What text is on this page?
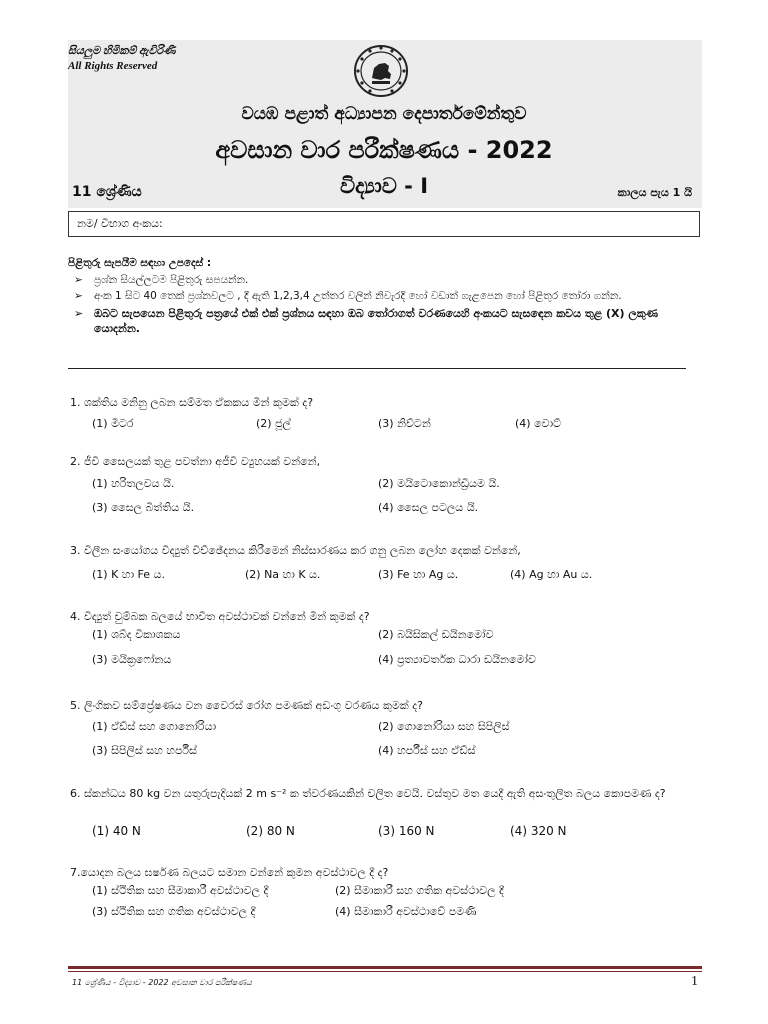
සියලුම හිමිකම් ඇවිරිණි
All Rights Reserved
වයඹ පළාත් අධ්‍යාපන දෙපාර්තමේන්තුව
අවසාන වාර පරීක්ෂණය - 2022
විද්‍යාව - I
11 ශ්‍රේණිය	කාලය පැය 1 යි
නම/ විභාග අංකය:
පිළිතුරු සැපයීම සඳහා උපදෙස් :
➢ ප්‍රශ්න සියල්ලටම පිළිතුරු සපයන්න.
➢ අංක 1 සිට 40 තෙක් ප්‍රශ්නවලට , දී ඇති 1,2,3,4 උත්තර වලින් නිවැරදි හෝ වඩාත් ගැළපෙන හෝ පිළිතුර තෝරා ගන්න.
➢ ඔබට සැපයෙන පිළිතුරු පත්‍රයේ එක් එක් ප්‍රශ්නය සඳහා ඔබ තෝරාගත් වරණයෙහි අංකයට සැසඳෙන කවය තුළ (X) ලකුණ යොදන්න.
1. ශක්තිය මනිනු ලබන සම්මත ඒකකය මින් කුමක් ද?
(1) මීටර	(2) ජූල්	(3) නිව්ටන්	(4) වොට්
2. ජීවී සෛලයක් තුළ පවත්නා අජීවී ව්‍යුහයක් වන්නේ,
(1) හරිතලවය යි.	(2) මයිටොකොන්ඩ්‍රියම යි.
(3) සෛල බිත්තිය යි.	(4) සෛල පටලය යි.
3. විලීන සංයෝගය විද්‍යුත් විච්ඡේදනය කිරීමෙන් නිස්සාරණය කර ගනු ලබන ලෝහ දෙකක් වන්නේ,
(1) K හා Fe ය.	(2) Na හා K ය.	(3) Fe හා Ag ය.	(4) Ag හා Au ය.
4. විද්‍යුත් චුම්බක බලයේ භාවිත අවස්ථාවක් වන්නේ මින් කුමක් ද?
(1) ශබ්ද විකාශකය	(2) බයිසිකල් ඩයිනමෝව
(3) මයික්‍රෆෝනය	(4) ප්‍රත්‍යාවර්තක ධාරා ඩයිනමෝව
5. ලිංගිකව සම්ප්‍රේෂණය වන වෛරස් රෝග පමණක් අඩංගු වරණය කුමක් ද?
(1) ඒඩ්ස් සහ ගොනෝරියා	(2) ගොනෝරියා සහ සිපිලිස්
(3) සිපිලිස් සහ හර්පීස්	(4) හර්පීස් සහ ඒඩ්ස්
6. ස්කන්ධය 80 kg වන යතුරුපැදියක් 2 m s⁻² ක ත්වරණයකින් චලිත වෙයි. වස්තුව මත යෙදී ඇති අසංතුලිත බලය කොපමණ ද?
(1) 40 N	(2) 80 N	(3) 160 N	(4) 320 N
7.යොදන බලය ඝර්ෂණ බලයට සමාන වන්නේ කුමන අවස්ථාවල දී ද?
(1) ස්ථිතික සහ සීමාකාරී අවස්ථාවල දී	(2) සීමාකාරී සහ ගතික අවස්ථාවල දී
(3) ස්ථිතික සහ ගතික අවස්ථාවල දී	(4) සීමාකාරී අවස්ථාවේ පමණි
11 ශ්‍රේණිය - විද්‍යාව - 2022 අවසාන වාර පරීක්ෂණය	1
